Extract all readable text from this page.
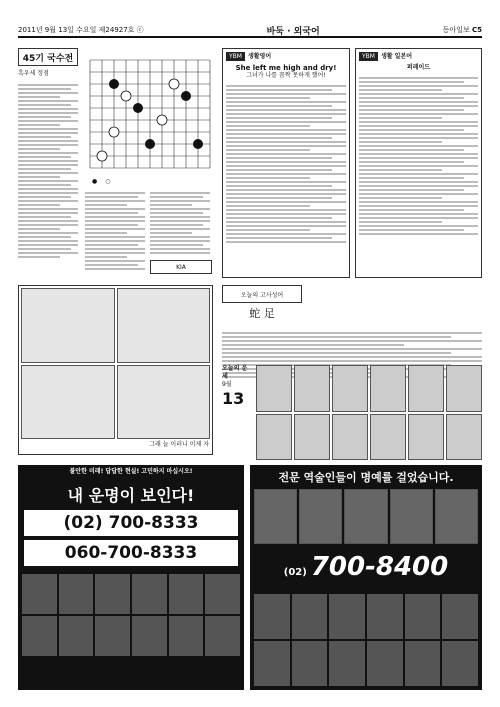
2011년 9월 13일 수요일 제24927호 ⓒ	바둑 · 외국어	동아일보 C5
45기 국수전
흑우세 정점
● ○
KIA
YBM	생활영어
She left me high and dry!
그녀가 나를 꼼짝 못하게 했어!
YBM	생활 일본어
퍼레이드
오늘의 고사성어
蛇 足
오늘의 운세
9월
13
그래 늘 이러니 이제 자
불안한 미래! 답답한 현실! 고민하지 마십시오!
내 운명이 보인다!
(02) 700-8333
060-700-8333
전문 역술인들이 명예를 걸었습니다.
(02) 700-8400
